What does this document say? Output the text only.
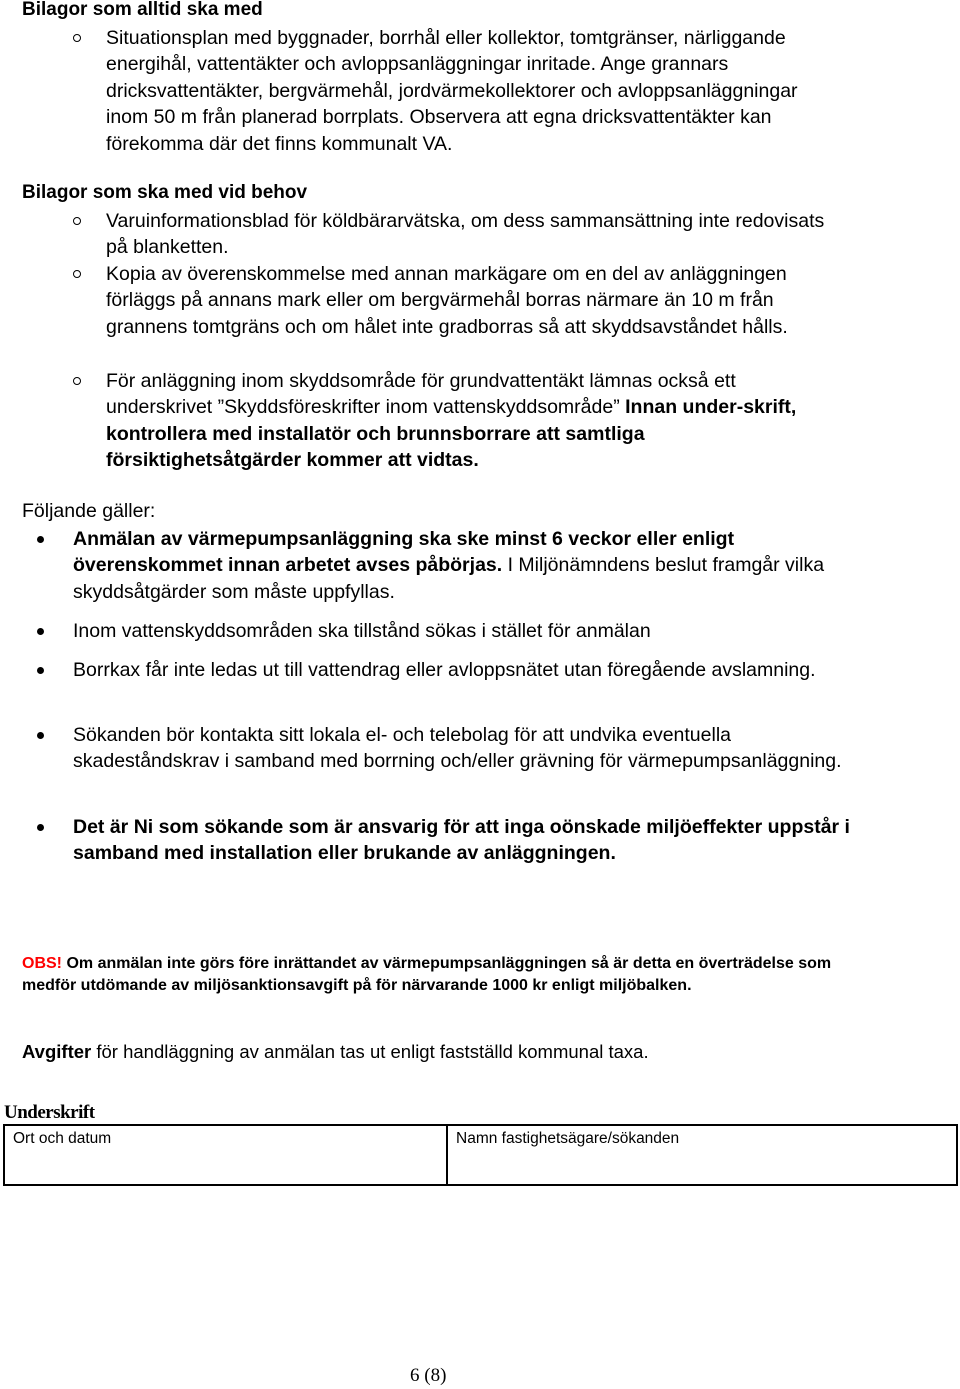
Bilagor som alltid ska med

Situationsplan med byggnader, borrhål eller kollektor, tomtgränser, närliggande energihål, vattentäkter och avloppsanläggningar inritade. Ange grannars dricksvattentäkter, bergvärmehål, jordvärmekollektorer och avloppsanläggningar inom 50 m från planerad borrplats. Observera att egna dricksvattentäkter kan förekomma där det finns kommunalt VA.

Bilagor som ska med vid behov

Varuinformationsblad för köldbärarvätska, om dess sammansättning inte redovisats på blanketten.

Kopia av överenskommelse med annan markägare om en del av anläggningen förläggs på annans mark eller om bergvärmehål borras närmare än 10 m från grannens tomtgräns och om hålet inte gradborras så att skyddsavståndet hålls.

För anläggning inom skyddsområde för grundvattentäkt lämnas också ett underskrivet ”Skyddsföreskrifter inom vattenskyddsområde” Innan under-skrift, kontrollera med installatör och brunnsborrare att samtliga försiktighetsåtgärder kommer att vidtas.

Följande gäller:

Anmälan av värmepumpsanläggning ska ske minst 6 veckor eller enligt överenskommet innan arbetet avses påbörjas. I Miljönämndens beslut framgår vilka skyddsåtgärder som måste uppfyllas.

Inom vattenskyddsområden ska tillstånd sökas i stället för anmälan

Borrkax får inte ledas ut till vattendrag eller avloppsnätet utan föregående avslamning.

Sökanden bör kontakta sitt lokala el- och telebolag för att undvika eventuella skadeståndskrav i samband med borrning och/eller grävning för värmepumpsanläggning.

Det är Ni som sökande som är ansvarig för att inga oönskade miljöeffekter uppstår i samband med installation eller brukande av anläggningen.

OBS! Om anmälan inte görs före inrättandet av värmepumpsanläggningen så är detta en överträdelse som medför utdömande av miljösanktionsavgift på för närvarande 1000 kr enligt miljöbalken.

Avgifter för handläggning av anmälan tas ut enligt fastställd kommunal taxa.

Underskrift
Ort och datum	Namn fastighetsägare/sökanden
6 (8)
